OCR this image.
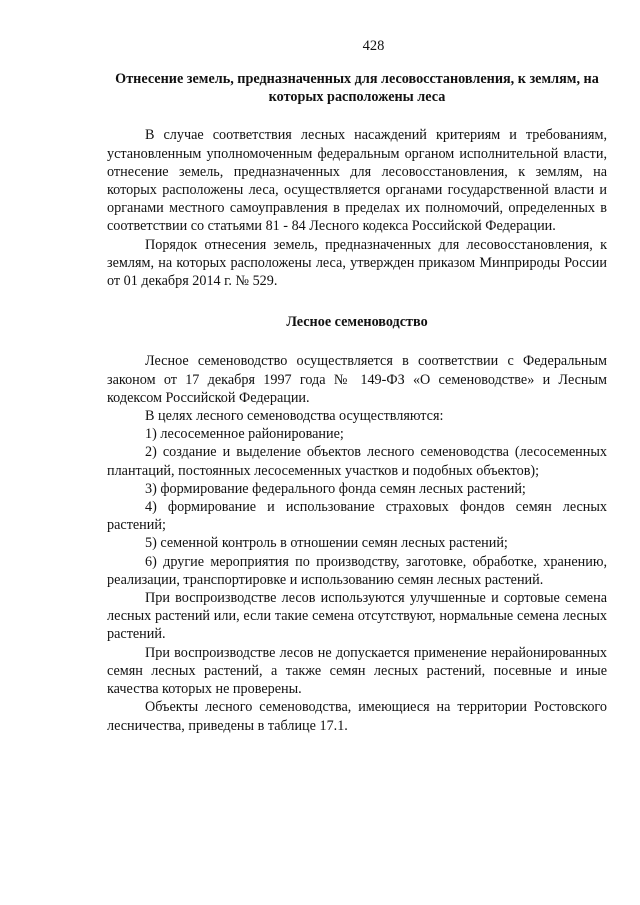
428
Отнесение земель, предназначенных для лесовосстановления, к землям, на которых расположены леса

В случае соответствия лесных насаждений критериям и требованиям, установленным уполномоченным федеральным органом исполнительной власти, отнесение земель, предназначенных для лесовосстановления, к землям, на которых расположены леса, осуществляется органами государственной власти и органами местного самоуправления в пределах их полномочий, определенных в соответствии со статьями 81 - 84 Лесного кодекса Российской Федерации.

Порядок отнесения земель, предназначенных для лесовосстановления, к землям, на которых расположены леса, утвержден приказом Минприроды России от 01 декабря 2014 г. № 529.

Лесное семеноводство

Лесное семеноводство осуществляется в соответствии с Федеральным законом от 17 декабря 1997 года № 149-ФЗ «О семеноводстве» и Лесным кодексом Российской Федерации.

В целях лесного семеноводства осуществляются:

1) лесосеменное районирование;

2) создание и выделение объектов лесного семеноводства (лесосеменных плантаций, постоянных лесосеменных участков и подобных объектов);

3) формирование федерального фонда семян лесных растений;

4) формирование и использование страховых фондов семян лесных растений;

5) семенной контроль в отношении семян лесных растений;

6) другие мероприятия по производству, заготовке, обработке, хранению, реализации, транспортировке и использованию семян лесных растений.

При воспроизводстве лесов используются улучшенные и сортовые семена лесных растений или, если такие семена отсутствуют, нормальные семена лесных растений.

При воспроизводстве лесов не допускается применение нерайонированных семян лесных растений, а также семян лесных растений, посевные и иные качества которых не проверены.

Объекты лесного семеноводства, имеющиеся на территории Ростовского лесничества, приведены в таблице 17.1.
